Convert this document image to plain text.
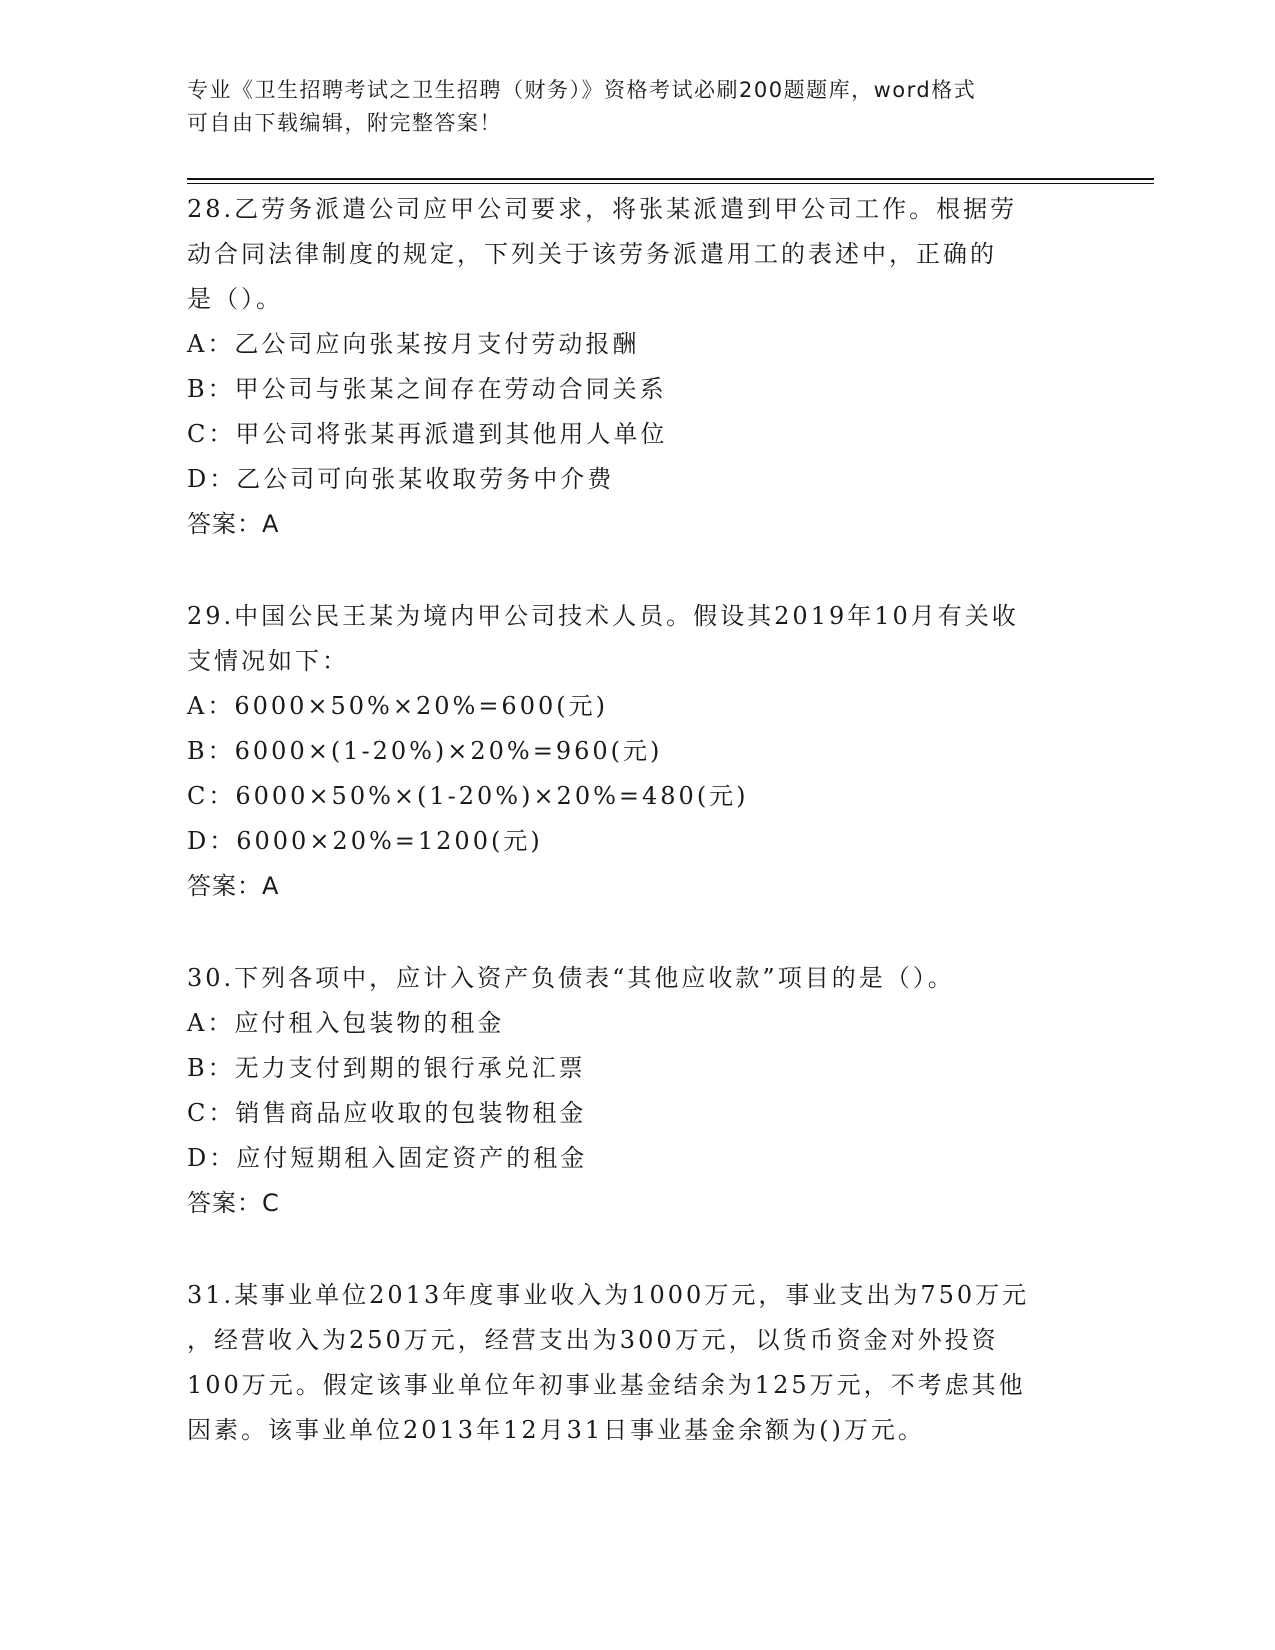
专业《卫生招聘考试之卫生招聘（财务）》资格考试必刷200题题库，word格式
可自由下载编辑，附完整答案！
28.乙劳务派遣公司应甲公司要求，将张某派遣到甲公司工作。根据劳
动合同法律制度的规定，下列关于该劳务派遣用工的表述中，正确的
是（）。
A：乙公司应向张某按月支付劳动报酬
B：甲公司与张某之间存在劳动合同关系
C：甲公司将张某再派遣到其他用人单位
D：乙公司可向张某收取劳务中介费
答案：A
29.中国公民王某为境内甲公司技术人员。假设其2019年10月有关收
支情况如下：
A：6000×50%×20%=600(元)
B：6000×(1-20%)×20%=960(元)
C：6000×50%×(1-20%)×20%=480(元)
D：6000×20%=1200(元)
答案：A
30.下列各项中，应计入资产负债表“其他应收款”项目的是（）。
A：应付租入包装物的租金
B：无力支付到期的银行承兑汇票
C：销售商品应收取的包装物租金
D：应付短期租入固定资产的租金
答案：C
31.某事业单位2013年度事业收入为1000万元，事业支出为750万元
，经营收入为250万元，经营支出为300万元，以货币资金对外投资
100万元。假定该事业单位年初事业基金结余为125万元，不考虑其他
因素。该事业单位2013年12月31日事业基金余额为()万元。
